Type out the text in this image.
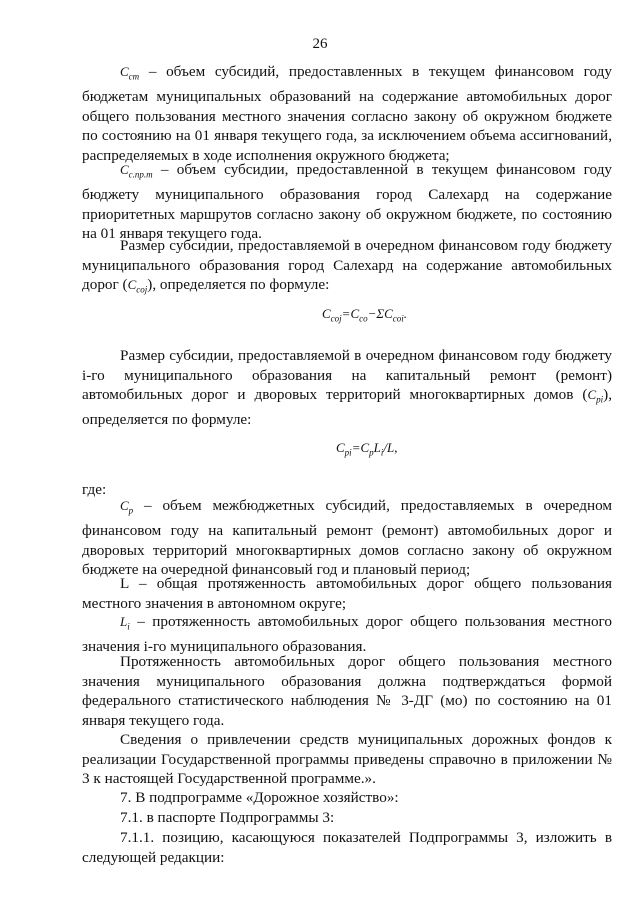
26
$C_{cm}$ – объем субсидий, предоставленных в текущем финансовом году бюджетам муниципальных образований на содержание автомобильных дорог общего пользования местного значения согласно закону об окружном бюджете по состоянию на 01 января текущего года, за исключением объема ассигнований, распределяемых в ходе исполнения окружного бюджета;
$C_{с.пр.т}$ – объем субсидии, предоставленной в текущем финансовом году бюджету муниципального образования город Салехард на содержание приоритетных маршрутов согласно закону об окружном бюджете, по состоянию на 01 января текущего года.
Размер субсидии, предоставляемой в очередном финансовом году бюджету муниципального образования город Салехард на содержание автомобильных дорог $(C_{coj})$, определяется по формуле:
$C_{coj}=C_{co}-\Sigma C_{coi}$.
Размер субсидии, предоставляемой в очередном финансовом году бюджету i-го муниципального образования на капитальный ремонт (ремонт) автомобильных дорог и дворовых территорий многоквартирных домов $(C_{pi})$, определяется по формуле:
$C_{pi}=C_pL_i/L$,
где:
$C_p$ – объем межбюджетных субсидий, предоставляемых в очередном финансовом году на капитальный ремонт (ремонт) автомобильных дорог и дворовых территорий многоквартирных домов согласно закону об окружном бюджете на очередной финансовый год и плановый период;
L – общая протяженность автомобильных дорог общего пользования местного значения в автономном округе;
$L_i$ – протяженность автомобильных дорог общего пользования местного значения i-го муниципального образования.
Протяженность автомобильных дорог общего пользования местного значения муниципального образования должна подтверждаться формой федерального статистического наблюдения № 3-ДГ (мо) по состоянию на 01 января текущего года.
Сведения о привлечении средств муниципальных дорожных фондов к реализации Государственной программы приведены справочно в приложении № 3 к настоящей Государственной программе.».
7. В подпрограмме «Дорожное хозяйство»:
7.1. в паспорте Подпрограммы 3:
7.1.1. позицию, касающуюся показателей Подпрограммы 3, изложить в следующей редакции:
